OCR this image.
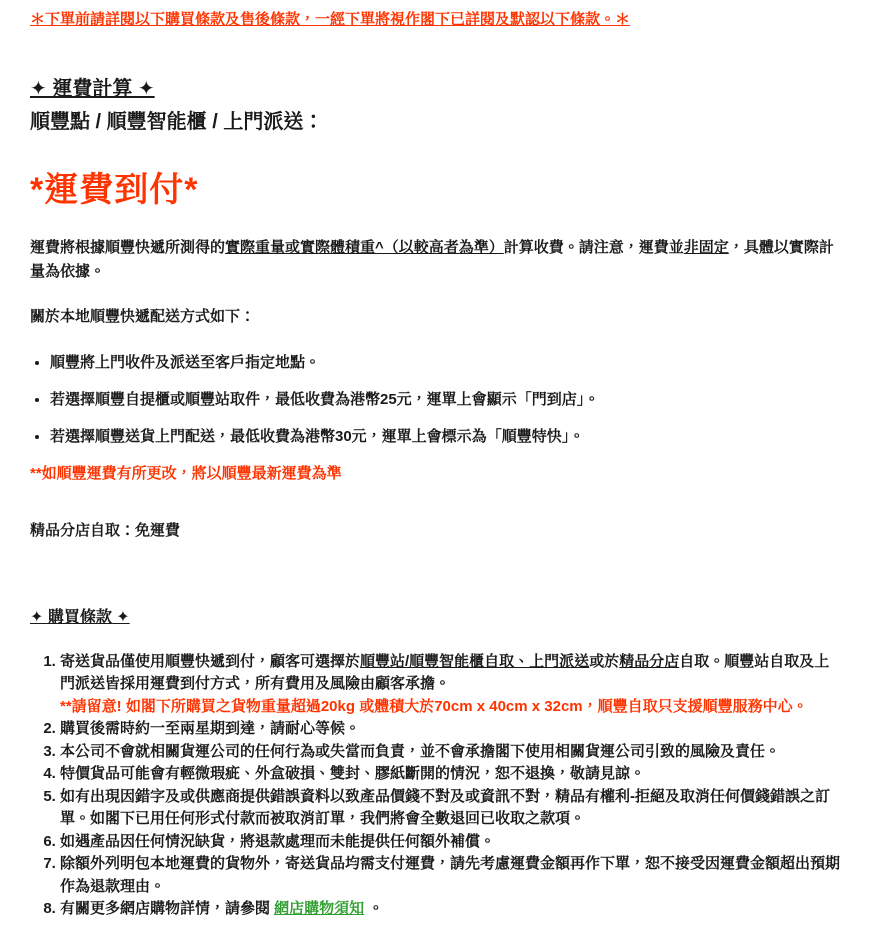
＊下單前請詳閱以下購買條款及售後條款，一經下單將視作閣下已詳閱及默認以下條款。＊

✦ 運費計算 ✦
順豐點 / 順豐智能櫃 / 上門派送：
*運費到付*

運費將根據順豐快遞所測得的實際重量或實際體積重^（以較高者為準）計算收費。請注意，運費並非固定，具體以實際計量為依據。

關於本地順豐快遞配送方式如下：

• 順豐將上門收件及派送至客戶指定地點。
• 若選擇順豐自提櫃或順豐站取件，最低收費為港幣25元，運單上會顯示「門到店」。
• 若選擇順豐送貨上門配送，最低收費為港幣30元，運單上會標示為「順豐特快」。

**如順豐運費有所更改，將以順豐最新運費為準

精品分店自取：免運費

✦ 購買條款 ✦
1. 寄送貨品僅使用順豐快遞到付，顧客可選擇於順豐站/順豐智能櫃自取、上門派送或於精品分店自取。順豐站自取及上門派送皆採用運費到付方式，所有費用及風險由顧客承擔。
**請留意! 如閣下所購買之貨物重量超過20kg 或體積大於70cm x 40cm x 32cm，順豐自取只支援順豐服務中心。
2. 購買後需時約一至兩星期到達，請耐心等候。
3. 本公司不會就相關貨運公司的任何行為或失當而負責，並不會承擔閣下使用相關貨運公司引致的風險及責任。
4. 特價貨品可能會有輕微瑕疵、外盒破損、雙封、膠紙斷開的情況，恕不退換，敬請見諒。
5. 如有出現因錯字及或供應商提供錯誤資料以致產品價錢不對及或資訊不對，精品有權利-拒絕及取消任何價錢錯誤之訂單。如閣下已用任何形式付款而被取消訂單，我們將會全數退回已收取之款項。
6. 如遇產品因任何情況缺貨，將退款處理而未能提供任何額外補償。
7. 除額外列明包本地運費的貨物外，寄送貨品均需支付運費，請先考慮運費金額再作下單，恕不接受因運費金額超出預期作為退款理由。
8. 有關更多網店購物詳情，請參閱 網店購物須知 。
